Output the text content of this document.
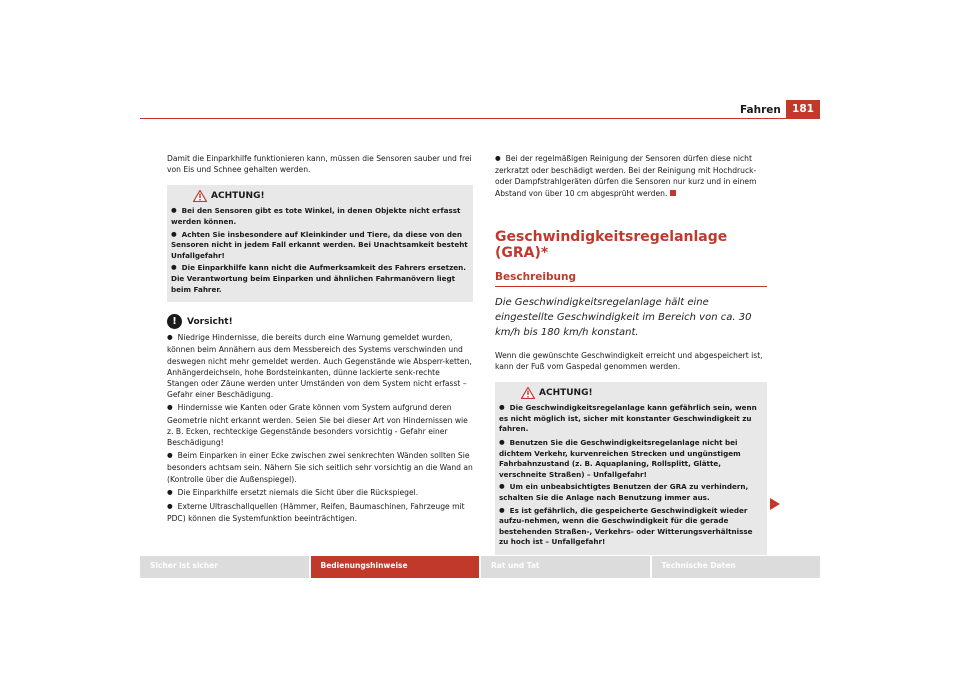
Fahren	181

Damit die Einparkhilfe funktionieren kann, müssen die Sensoren sauber und frei von Eis und Schnee gehalten werden.

ACHTUNG!

● Bei den Sensoren gibt es tote Winkel, in denen Objekte nicht erfasst werden können.

● Achten Sie insbesondere auf Kleinkinder und Tiere, da diese von den Sensoren nicht in jedem Fall erkannt werden. Bei Unachtsamkeit besteht Unfallgefahr!

● Die Einparkhilfe kann nicht die Aufmerksamkeit des Fahrers ersetzen. Die Verantwortung beim Einparken und ähnlichen Fahrmanövern liegt beim Fahrer.

!	Vorsicht!

● Niedrige Hindernisse, die bereits durch eine Warnung gemeldet wurden, können beim Annähern aus dem Messbereich des Systems verschwinden und deswegen nicht mehr gemeldet werden. Auch Gegenstände wie Absperr-ketten, Anhängerdeichseln, hohe Bordsteinkanten, dünne lackierte senk-rechte Stangen oder Zäune werden unter Umständen von dem System nicht erfasst – Gefahr einer Beschädigung.

● Hindernisse wie Kanten oder Grate können vom System aufgrund deren Geometrie nicht erkannt werden. Seien Sie bei dieser Art von Hindernissen wie z. B. Ecken, rechteckige Gegenstände besonders vorsichtig - Gefahr einer Beschädigung!

● Beim Einparken in einer Ecke zwischen zwei senkrechten Wänden sollten Sie besonders achtsam sein. Nähern Sie sich seitlich sehr vorsichtig an die Wand an (Kontrolle über die Außenspiegel).

● Die Einparkhilfe ersetzt niemals die Sicht über die Rückspiegel.

● Externe Ultraschallquellen (Hämmer, Reifen, Baumaschinen, Fahrzeuge mit PDC) können die Systemfunktion beeinträchtigen.

● Bei der regelmäßigen Reinigung der Sensoren dürfen diese nicht zerkratzt oder beschädigt werden. Bei der Reinigung mit Hochdruck- oder Dampfstrahlgeräten dürfen die Sensoren nur kurz und in einem Abstand von über 10 cm abgesprüht werden.

Geschwindigkeitsregelanlage (GRA)*
Beschreibung

Die Geschwindigkeitsregelanlage hält eine eingestellte Geschwindigkeit im Bereich von ca. 30 km/h bis 180 km/h konstant.

Wenn die gewünschte Geschwindigkeit erreicht und abgespeichert ist, kann der Fuß vom Gaspedal genommen werden.

ACHTUNG!

● Die Geschwindigkeitsregelanlage kann gefährlich sein, wenn es nicht möglich ist, sicher mit konstanter Geschwindigkeit zu fahren.

● Benutzen Sie die Geschwindigkeitsregelanlage nicht bei dichtem Verkehr, kurvenreichen Strecken und ungünstigem Fahrbahnzustand (z. B. Aquaplaning, Rollsplitt, Glätte, verschneite Straßen) – Unfallgefahr!

● Um ein unbeabsichtigtes Benutzen der GRA zu verhindern, schalten Sie die Anlage nach Benutzung immer aus.

● Es ist gefährlich, die gespeicherte Geschwindigkeit wieder aufzu-nehmen, wenn die Geschwindigkeit für die gerade bestehenden Straßen-, Verkehrs- oder Witterungsverhältnisse zu hoch ist – Unfallgefahr!

Sicher ist sicher	Bedienungshinweise	Rat und Tat	Technische Daten
